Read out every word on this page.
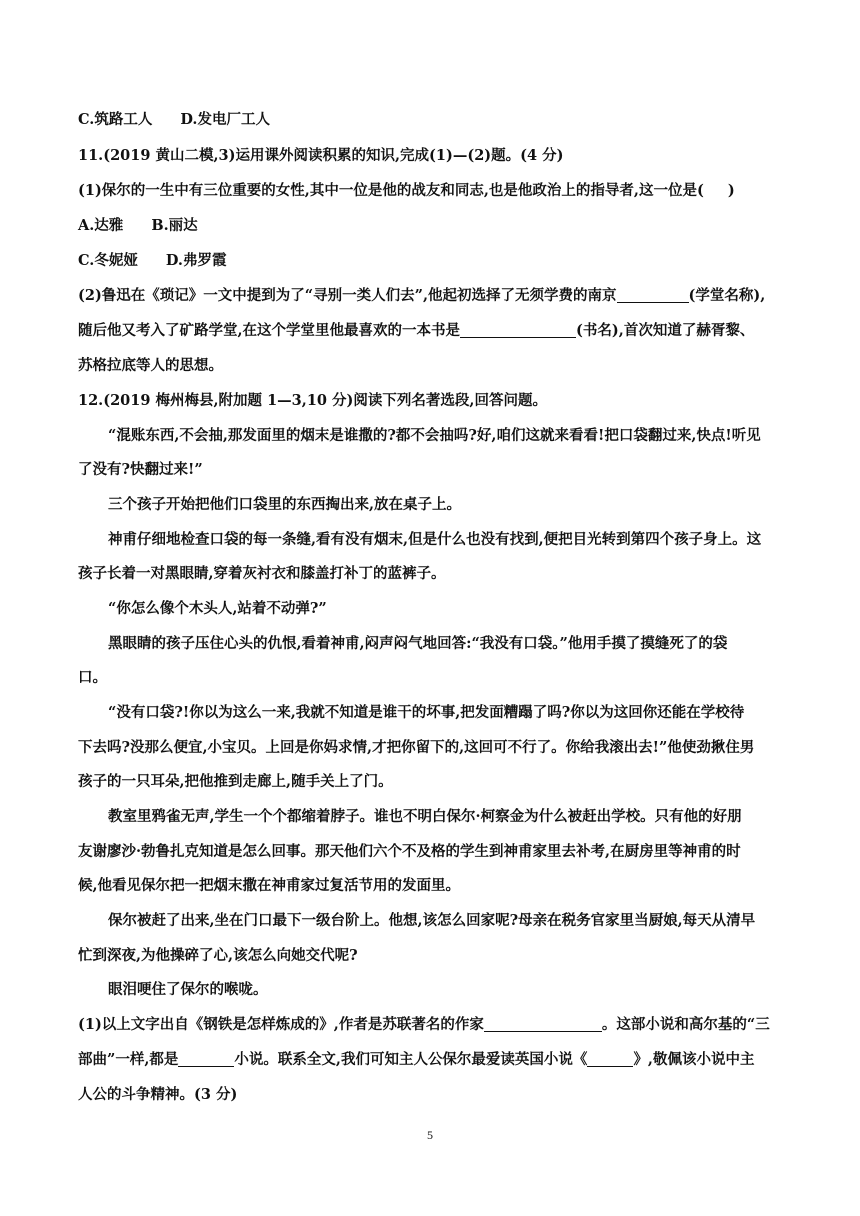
C.筑路工人 D.发电厂工人
11.(2019 黄山二模,3)运用课外阅读积累的知识,完成(1)—(2)题。(4 分)
(1)保尔的一生中有三位重要的女性,其中一位是他的战友和同志,也是他政治上的指导者,这一位是( )
A.达雅 B.丽达
C.冬妮娅 D.弗罗霞
(2)鲁迅在《琐记》一文中提到为了“寻别一类人们去”,他起初选择了无须学费的南京	(学堂名称),
随后他又考入了矿路学堂,在这个学堂里他最喜欢的一本书是	(书名),首次知道了赫胥黎、
苏格拉底等人的思想。
12.(2019 梅州梅县,附加题 1—3,10 分)阅读下列名著选段,回答问题。
“混账东西,不会抽,那发面里的烟末是谁撒的?都不会抽吗?好,咱们这就来看看!把口袋翻过来,快点!听见
了没有?快翻过来!”
三个孩子开始把他们口袋里的东西掏出来,放在桌子上。
神甫仔细地检查口袋的每一条缝,看有没有烟末,但是什么也没有找到,便把目光转到第四个孩子身上。这
孩子长着一对黑眼睛,穿着灰衬衣和膝盖打补丁的蓝裤子。
“你怎么像个木头人,站着不动弹?”
黑眼睛的孩子压住心头的仇恨,看着神甫,闷声闷气地回答:“我没有口袋。”他用手摸了摸缝死了的袋
口。
“没有口袋?!你以为这么一来,我就不知道是谁干的坏事,把发面糟蹋了吗?你以为这回你还能在学校待
下去吗?没那么便宜,小宝贝。上回是你妈求情,才把你留下的,这回可不行了。你给我滚出去!”他使劲揪住男
孩子的一只耳朵,把他推到走廊上,随手关上了门。
教室里鸦雀无声,学生一个个都缩着脖子。谁也不明白保尔·柯察金为什么被赶出学校。只有他的好朋
友谢廖沙·勃鲁扎克知道是怎么回事。那天他们六个不及格的学生到神甫家里去补考,在厨房里等神甫的时
候,他看见保尔把一把烟末撒在神甫家过复活节用的发面里。
保尔被赶了出来,坐在门口最下一级台阶上。他想,该怎么回家呢?母亲在税务官家里当厨娘,每天从清早
忙到深夜,为他操碎了心,该怎么向她交代呢?
眼泪哽住了保尔的喉咙。
(1)以上文字出自《钢铁是怎样炼成的》,作者是苏联著名的作家	。这部小说和高尔基的“三
部曲”一样,都是	小说。联系全文,我们可知主人公保尔最爱读英国小说《	》,敬佩该小说中主
人公的斗争精神。(3 分)
5
